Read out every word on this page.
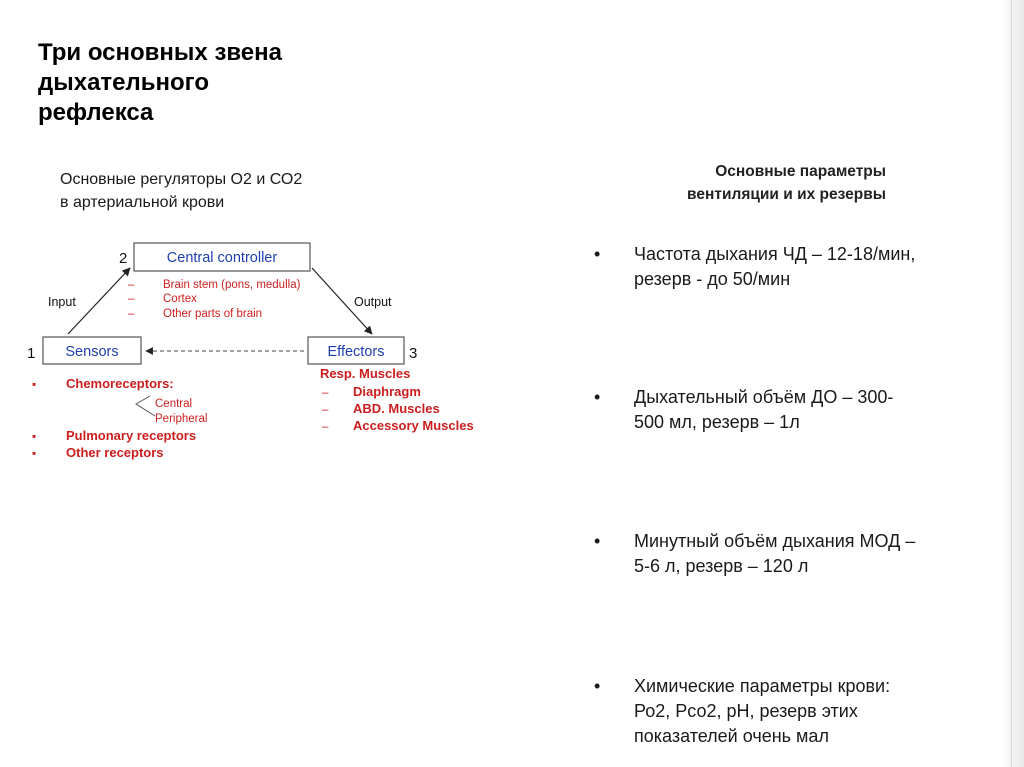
Три основных звена
дыхательного
рефлекса
Основные регуляторы О2 и СО2
в артериальной крови
Основные параметры
вентиляции и их резервы
• Частота дыхания ЧД – 12-18/мин,
резерв - до 50/мин
• Дыхательный объём ДО – 300-
500 мл, резерв – 1л
• Минутный объём дыхания МОД –
5-6 л, резерв – 120 л
• Химические параметры крови:
Ро2, Рсо2, рН, резерв этих
показателей очень мал
2	Central controller
– Brain stem (pons, medulla)
– Cortex
– Other parts of brain
1 Sensors
▪ Chemoreceptors:
Central
Peripheral
▪ Pulmonary receptors
▪ Other receptors
Effectors 3
Resp. Muscles
– Diaphragm
– ABD. Muscles
– Accessory Muscles
Input	Output
